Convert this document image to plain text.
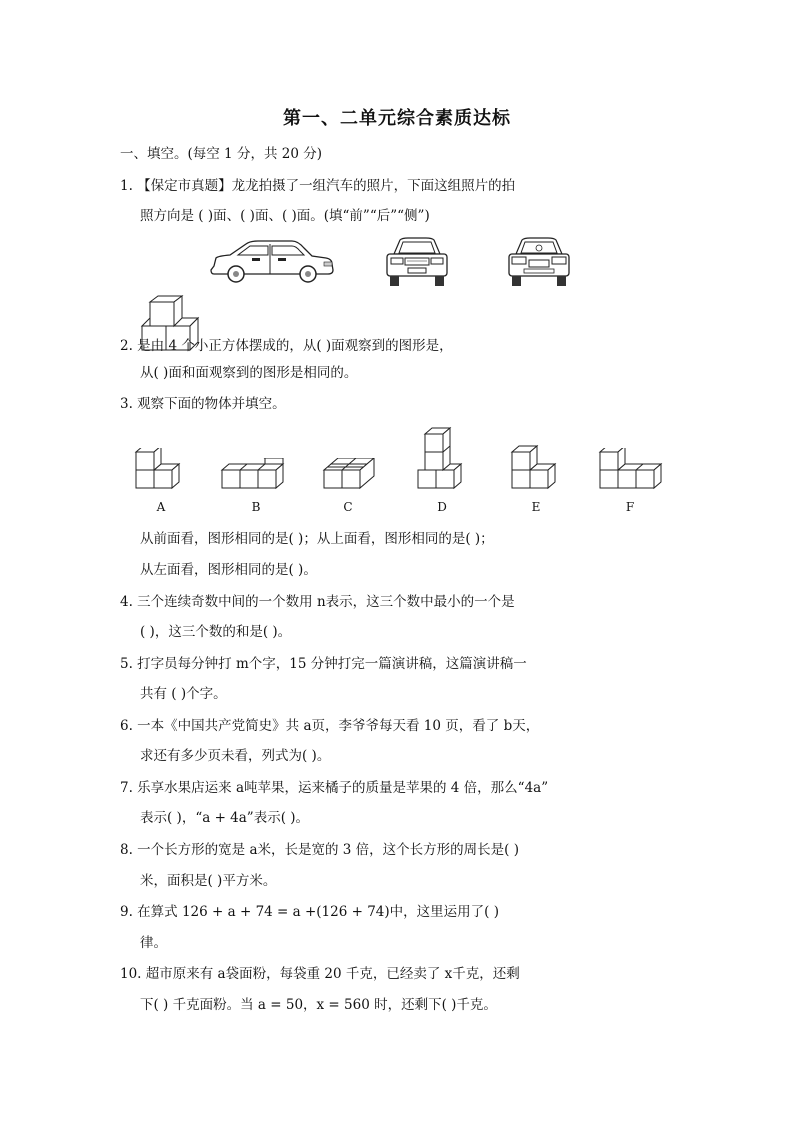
第一、二单元综合素质达标
一、填空。(每空 1 分，共 20 分)
1. 【保定市真题】龙龙拍摄了一组汽车的照片，下面这组照片的拍
照方向是 ( )面、( )面、( )面。(填“前”“后”“侧”)
2. 是由 4 个小正方体摆成的，从( )面观察到的图形是，
从( )面和面观察到的图形是相同的。
3. 观察下面的物体并填空。
A	B	C	D	E	F
从前面看，图形相同的是( )；从上面看，图形相同的是( )；
从左面看，图形相同的是( )。
4. 三个连续奇数中间的一个数用 n表示，这三个数中最小的一个是
( )，这三个数的和是( )。
5. 打字员每分钟打 m个字，15 分钟打完一篇演讲稿，这篇演讲稿一
共有 ( )个字。
6. 一本《中国共产党简史》共 a页，李爷爷每天看 10 页，看了 b天，
求还有多少页未看，列式为( )。
7. 乐享水果店运来 a吨苹果，运来橘子的质量是苹果的 4 倍，那么“4a”
表示( )，“a + 4a”表示( )。
8. 一个长方形的宽是 a米，长是宽的 3 倍，这个长方形的周长是( )
米，面积是( )平方米。
9. 在算式 126 + a + 74 = a +(126 + 74)中，这里运用了( )
律。
10. 超市原来有 a袋面粉，每袋重 20 千克，已经卖了 x千克，还剩
下( ) 千克面粉。当 a = 50，x = 560 时，还剩下( )千克。
